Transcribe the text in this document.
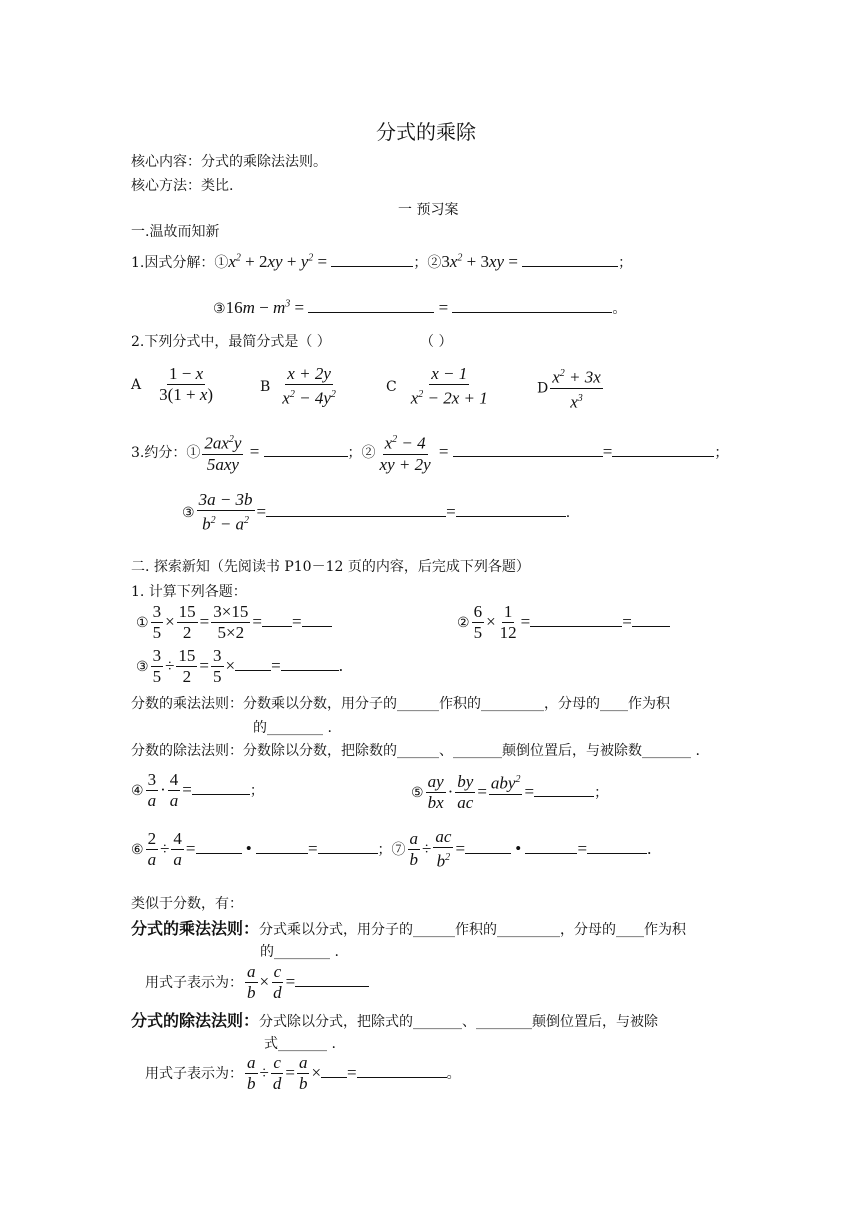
分式的乘除
核心内容：分式的乘除法法则。
核心方法：类比.
一 预习案
一.温故而知新
1.因式分解：$①x^2 + 2xy + y^2$ =	；$②3x^2 + 3xy$ =	；
③16m − $m^3$ =	=	。
2.下列分式中，最简分式是（ ）	（ ）
A $\frac{1 - x}{3(1 + x)}$	B $\frac{x + 2y}{x^2 - 4y^2}$	C $\frac{x - 1}{x^2 - 2x + 1}$	D $\frac{x^2 + 3x}{x^3}$
3.约分：① $\frac{2ax^2y}{\text{5axy}}$ =	；② $\frac{x^2 - 4}{xy + 2y}$ =	=	；
③ $\frac{3a - 3b}{b^2 - a^2}$ =	=	.
二. 探索新知（先阅读书 P10－12 页的内容，后完成下列各题）
1. 计算下列各题：
① $\frac{3}{5} \times \frac{15}{2} = \frac{3\times 15}{5\times 2}$ = =	② $\frac{6}{5} \times \frac{1}{12}$ =	=
③ $\frac{3}{5} \div \frac{15}{2} = \frac{3}{5}$ × =	.
分数的乘法法则：分数乘以分数，用分子的______作积的_________，分母的____作为积
的________ .
分数的除法法则：分数除以分数，把除数的______、_______颠倒位置后，与被除数_______ .
④ $\frac{3}{a} \cdot \frac{4}{a}$ =	；	⑤ $\frac{ay}{bx} \cdot \frac{by}{ac} = aby^2$

=	；
⑥ $\frac{2}{a} \div \frac{4}{a}$ =	•	=	；⑦ $\frac{a}{b} \div \frac{ac}{b^2}$ =	•	=	.
类似于分数，有：
分式的乘法法则：分式乘以分式，用分子的______作积的_________，分母的____作为积
的________ .
用式子表示为： $\frac{a}{b} \times \frac{c}{d}$ =
分式的除法法则：分式除以分式，把除式的_______、________颠倒位置后，与被除
式_______ .
用式子表示为： $\frac{a}{b} \div \frac{c}{d} = \frac{a}{b}$ × =	。
